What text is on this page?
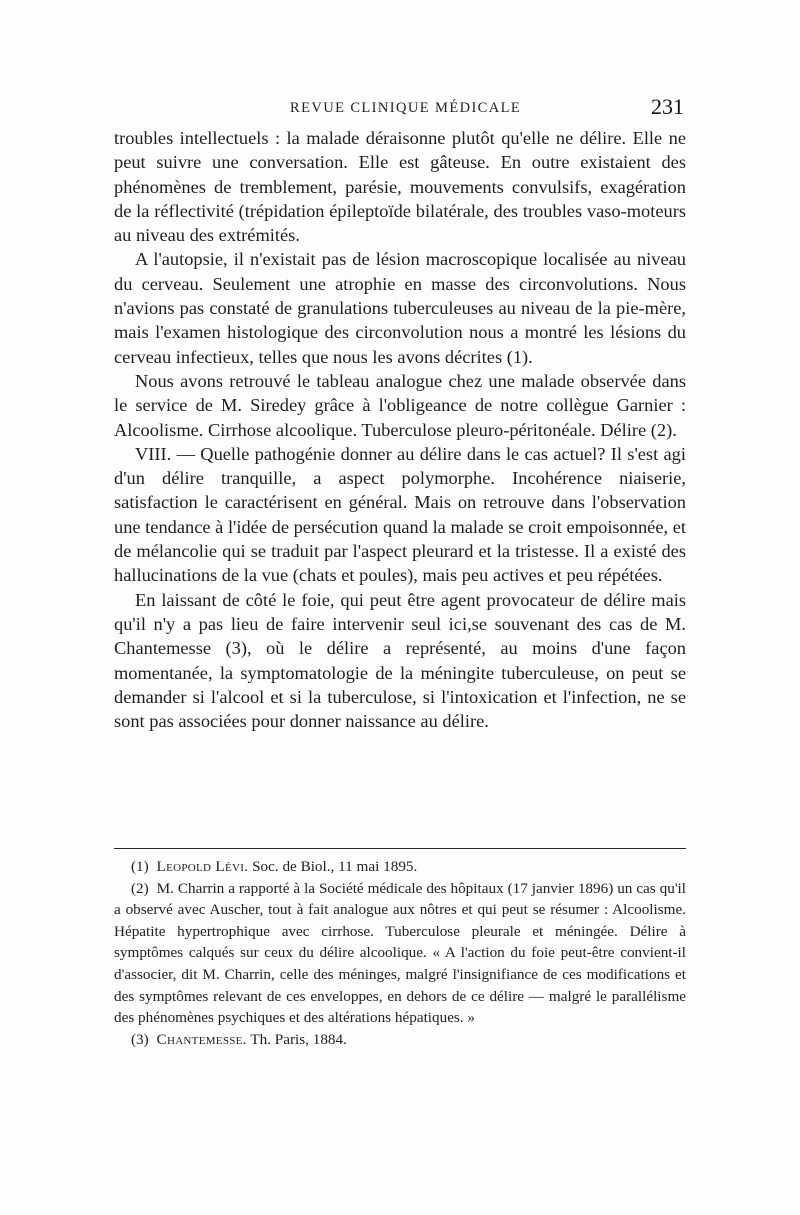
REVUE CLINIQUE MÉDICALE	231

troubles intellectuels : la malade déraisonne plutôt qu'elle ne délire. Elle ne peut suivre une conversation. Elle est gâteuse. En outre existaient des phénomènes de tremblement, parésie, mouvements convulsifs, exagération de la réflectivité (trépidation épileptoïde bilatérale, des troubles vaso-moteurs au niveau des extrémités.

A l'autopsie, il n'existait pas de lésion macroscopique localisée au niveau du cerveau. Seulement une atrophie en masse des circonvolutions. Nous n'avions pas constaté de granulations tuberculeuses au niveau de la pie-mère, mais l'examen histologique des circonvolution nous a montré les lésions du cerveau infectieux, telles que nous les avons décrites (1).

Nous avons retrouvé le tableau analogue chez une malade observée dans le service de M. Siredey grâce à l'obligeance de notre collègue Garnier : Alcoolisme. Cirrhose alcoolique. Tuberculose pleuro-péritonéale. Délire (2).

VIII. — Quelle pathogénie donner au délire dans le cas actuel? Il s'est agi d'un délire tranquille, a aspect polymorphe. Incohérence niaiserie, satisfaction le caractérisent en général. Mais on retrouve dans l'observation une tendance à l'idée de persécution quand la malade se croit empoisonnée, et de mélancolie qui se traduit par l'aspect pleurard et la tristesse. Il a existé des hallucinations de la vue (chats et poules), mais peu actives et peu répétées.

En laissant de côté le foie, qui peut être agent provocateur de délire mais qu'il n'y a pas lieu de faire intervenir seul ici,se souvenant des cas de M. Chantemesse (3), où le délire a représenté, au moins d'une façon momentanée, la symptomatologie de la méningite tuberculeuse, on peut se demander si l'alcool et si la tuberculose, si l'intoxication et l'infection, ne se sont pas associées pour donner naissance au délire.

(1) Leopold Lévi. Soc. de Biol., 11 mai 1895.

(2) M. Charrin a rapporté à la Société médicale des hôpitaux (17 janvier 1896) un cas qu'il a observé avec Auscher, tout à fait analogue aux nôtres et qui peut se résumer : Alcoolisme. Hépatite hypertrophique avec cirrhose. Tuberculose pleurale et méningée. Délire à symptômes calqués sur ceux du délire alcoolique. « A l'action du foie peut-être convient-il d'associer, dit M. Charrin, celle des méninges, malgré l'insignifiance de ces modifications et des symptômes relevant de ces enveloppes, en dehors de ce délire — malgré le parallélisme des phénomènes psychiques et des altérations hépatiques. »

(3) Chantemesse. Th. Paris, 1884.
